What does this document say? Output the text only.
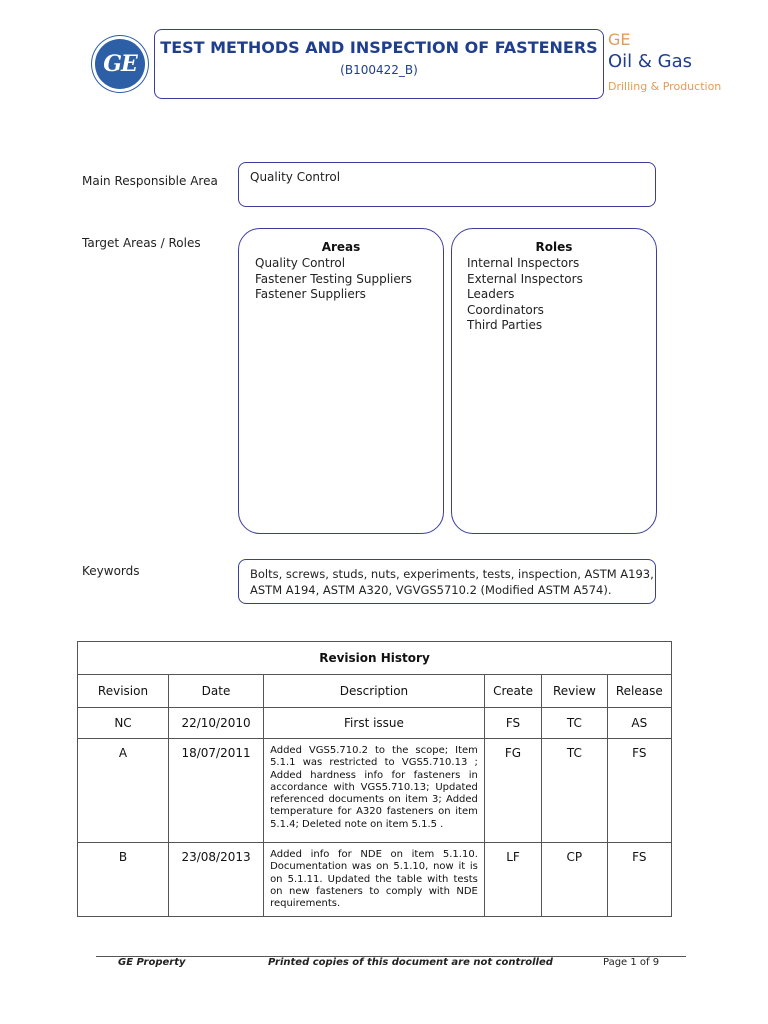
GE
TEST METHODS AND INSPECTION OF FASTENERS
(B100422_B)
GE
Oil & Gas
Drilling & Production
Main Responsible Area	Quality Control
Target Areas / Roles	Areas
Quality Control
Fastener Testing Suppliers
Fastener Suppliers
Roles
Internal Inspectors
External Inspectors
Leaders
Coordinators
Third Parties
Keywords	Bolts, screws, studs, nuts, experiments, tests, inspection, ASTM A193,
ASTM A194, ASTM A320, VGVGS5710.2 (Modified ASTM A574).
Revision History					
Revision	Date	Description	Create	Review	Release
NC	22/10/2010	First issue	FS	TC	AS
A	18/07/2011	Added VGS5.710.2 to the scope; Item 5.1.1 was restricted to VGS5.710.13 ; Added hardness info for fasteners in accordance with VGS5.710.13; Updated referenced documents on item 3; Added temperature for A320 fasteners on item 5.1.4; Deleted note on item 5.1.5 .	FG	TC	FS
B	23/08/2013	Added info for NDE on item 5.1.10. Documentation was on 5.1.10, now it is on 5.1.11. Updated the table with tests on new fasteners to comply with NDE requirements.	LF	CP	FS
GE Property	Printed copies of this document are not controlled	Page 1 of 9
